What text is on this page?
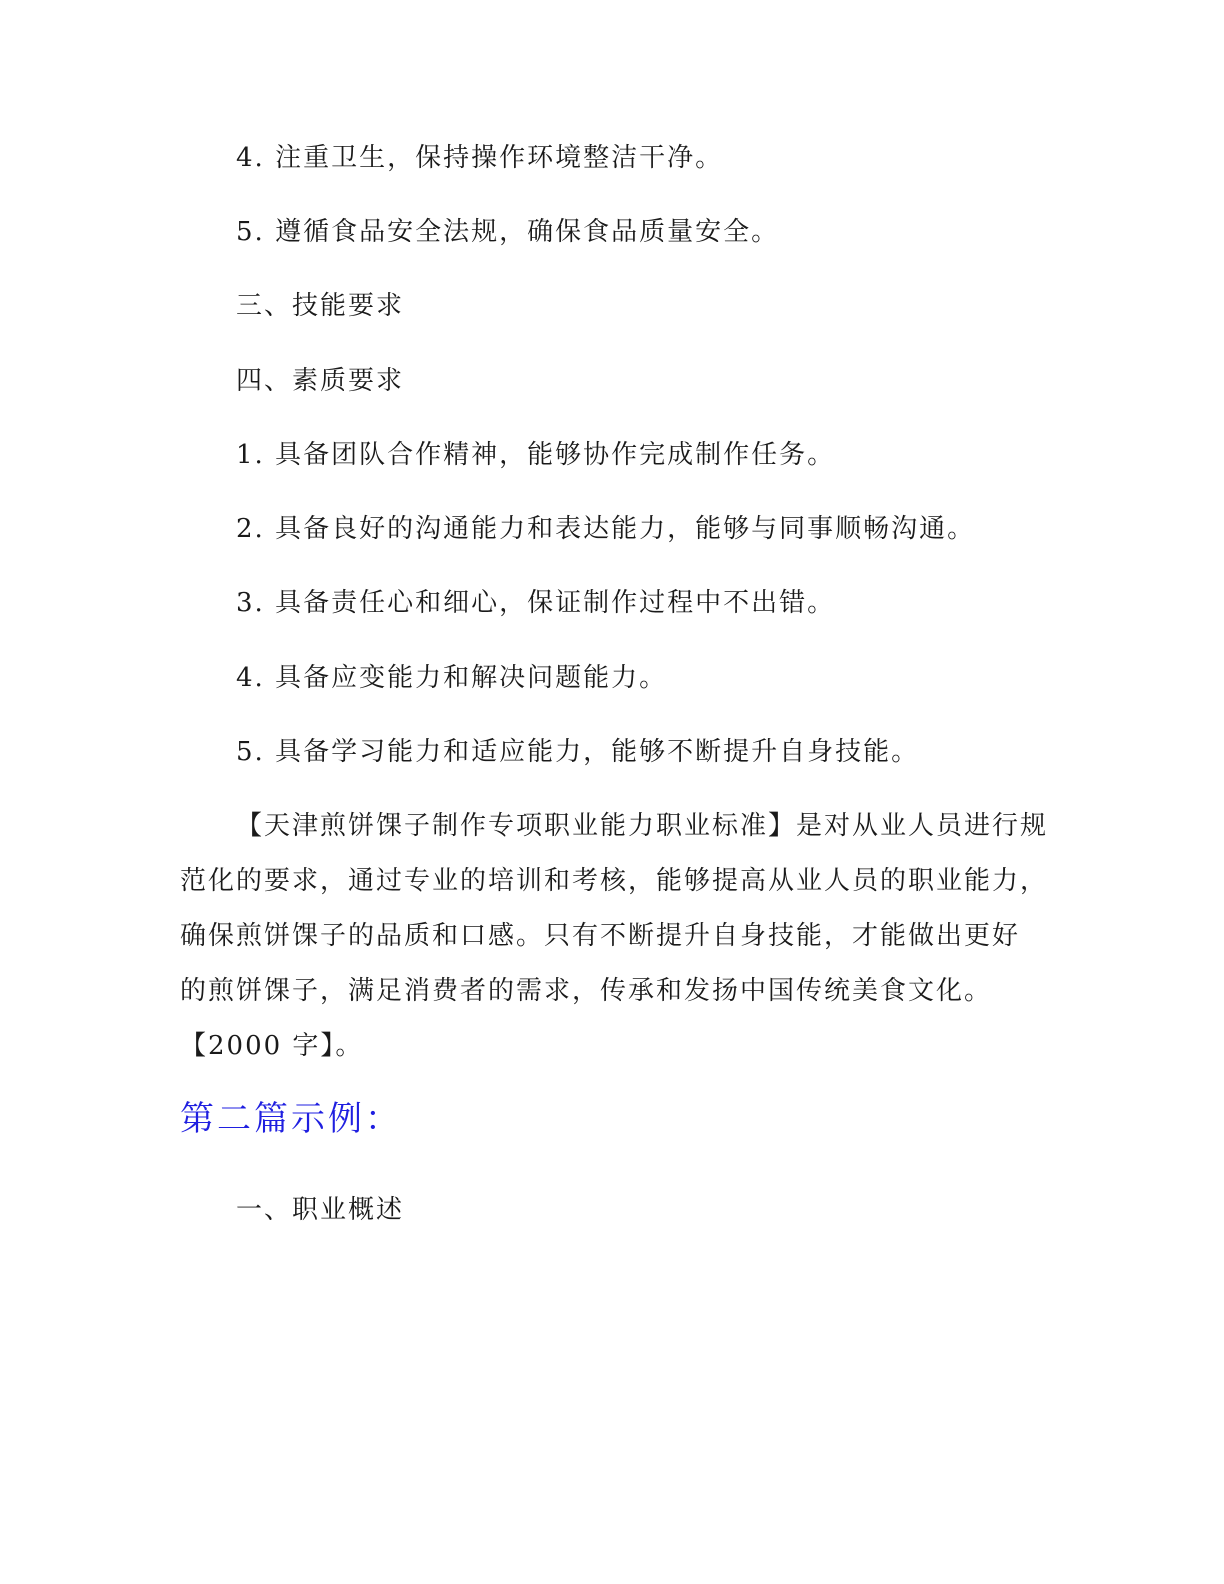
4. 注重卫生，保持操作环境整洁干净。
5. 遵循食品安全法规，确保食品质量安全。
三、技能要求
四、素质要求
1. 具备团队合作精神，能够协作完成制作任务。
2. 具备良好的沟通能力和表达能力，能够与同事顺畅沟通。
3. 具备责任心和细心，保证制作过程中不出错。
4. 具备应变能力和解决问题能力。
5. 具备学习能力和适应能力，能够不断提升自身技能。
【天津煎饼馃子制作专项职业能力职业标准】是对从业人员进行规
范化的要求，通过专业的培训和考核，能够提高从业人员的职业能力，
确保煎饼馃子的品质和口感。只有不断提升自身技能，才能做出更好
的煎饼馃子，满足消费者的需求，传承和发扬中国传统美食文化。
【2000 字】。
第二篇示例：
一、职业概述
